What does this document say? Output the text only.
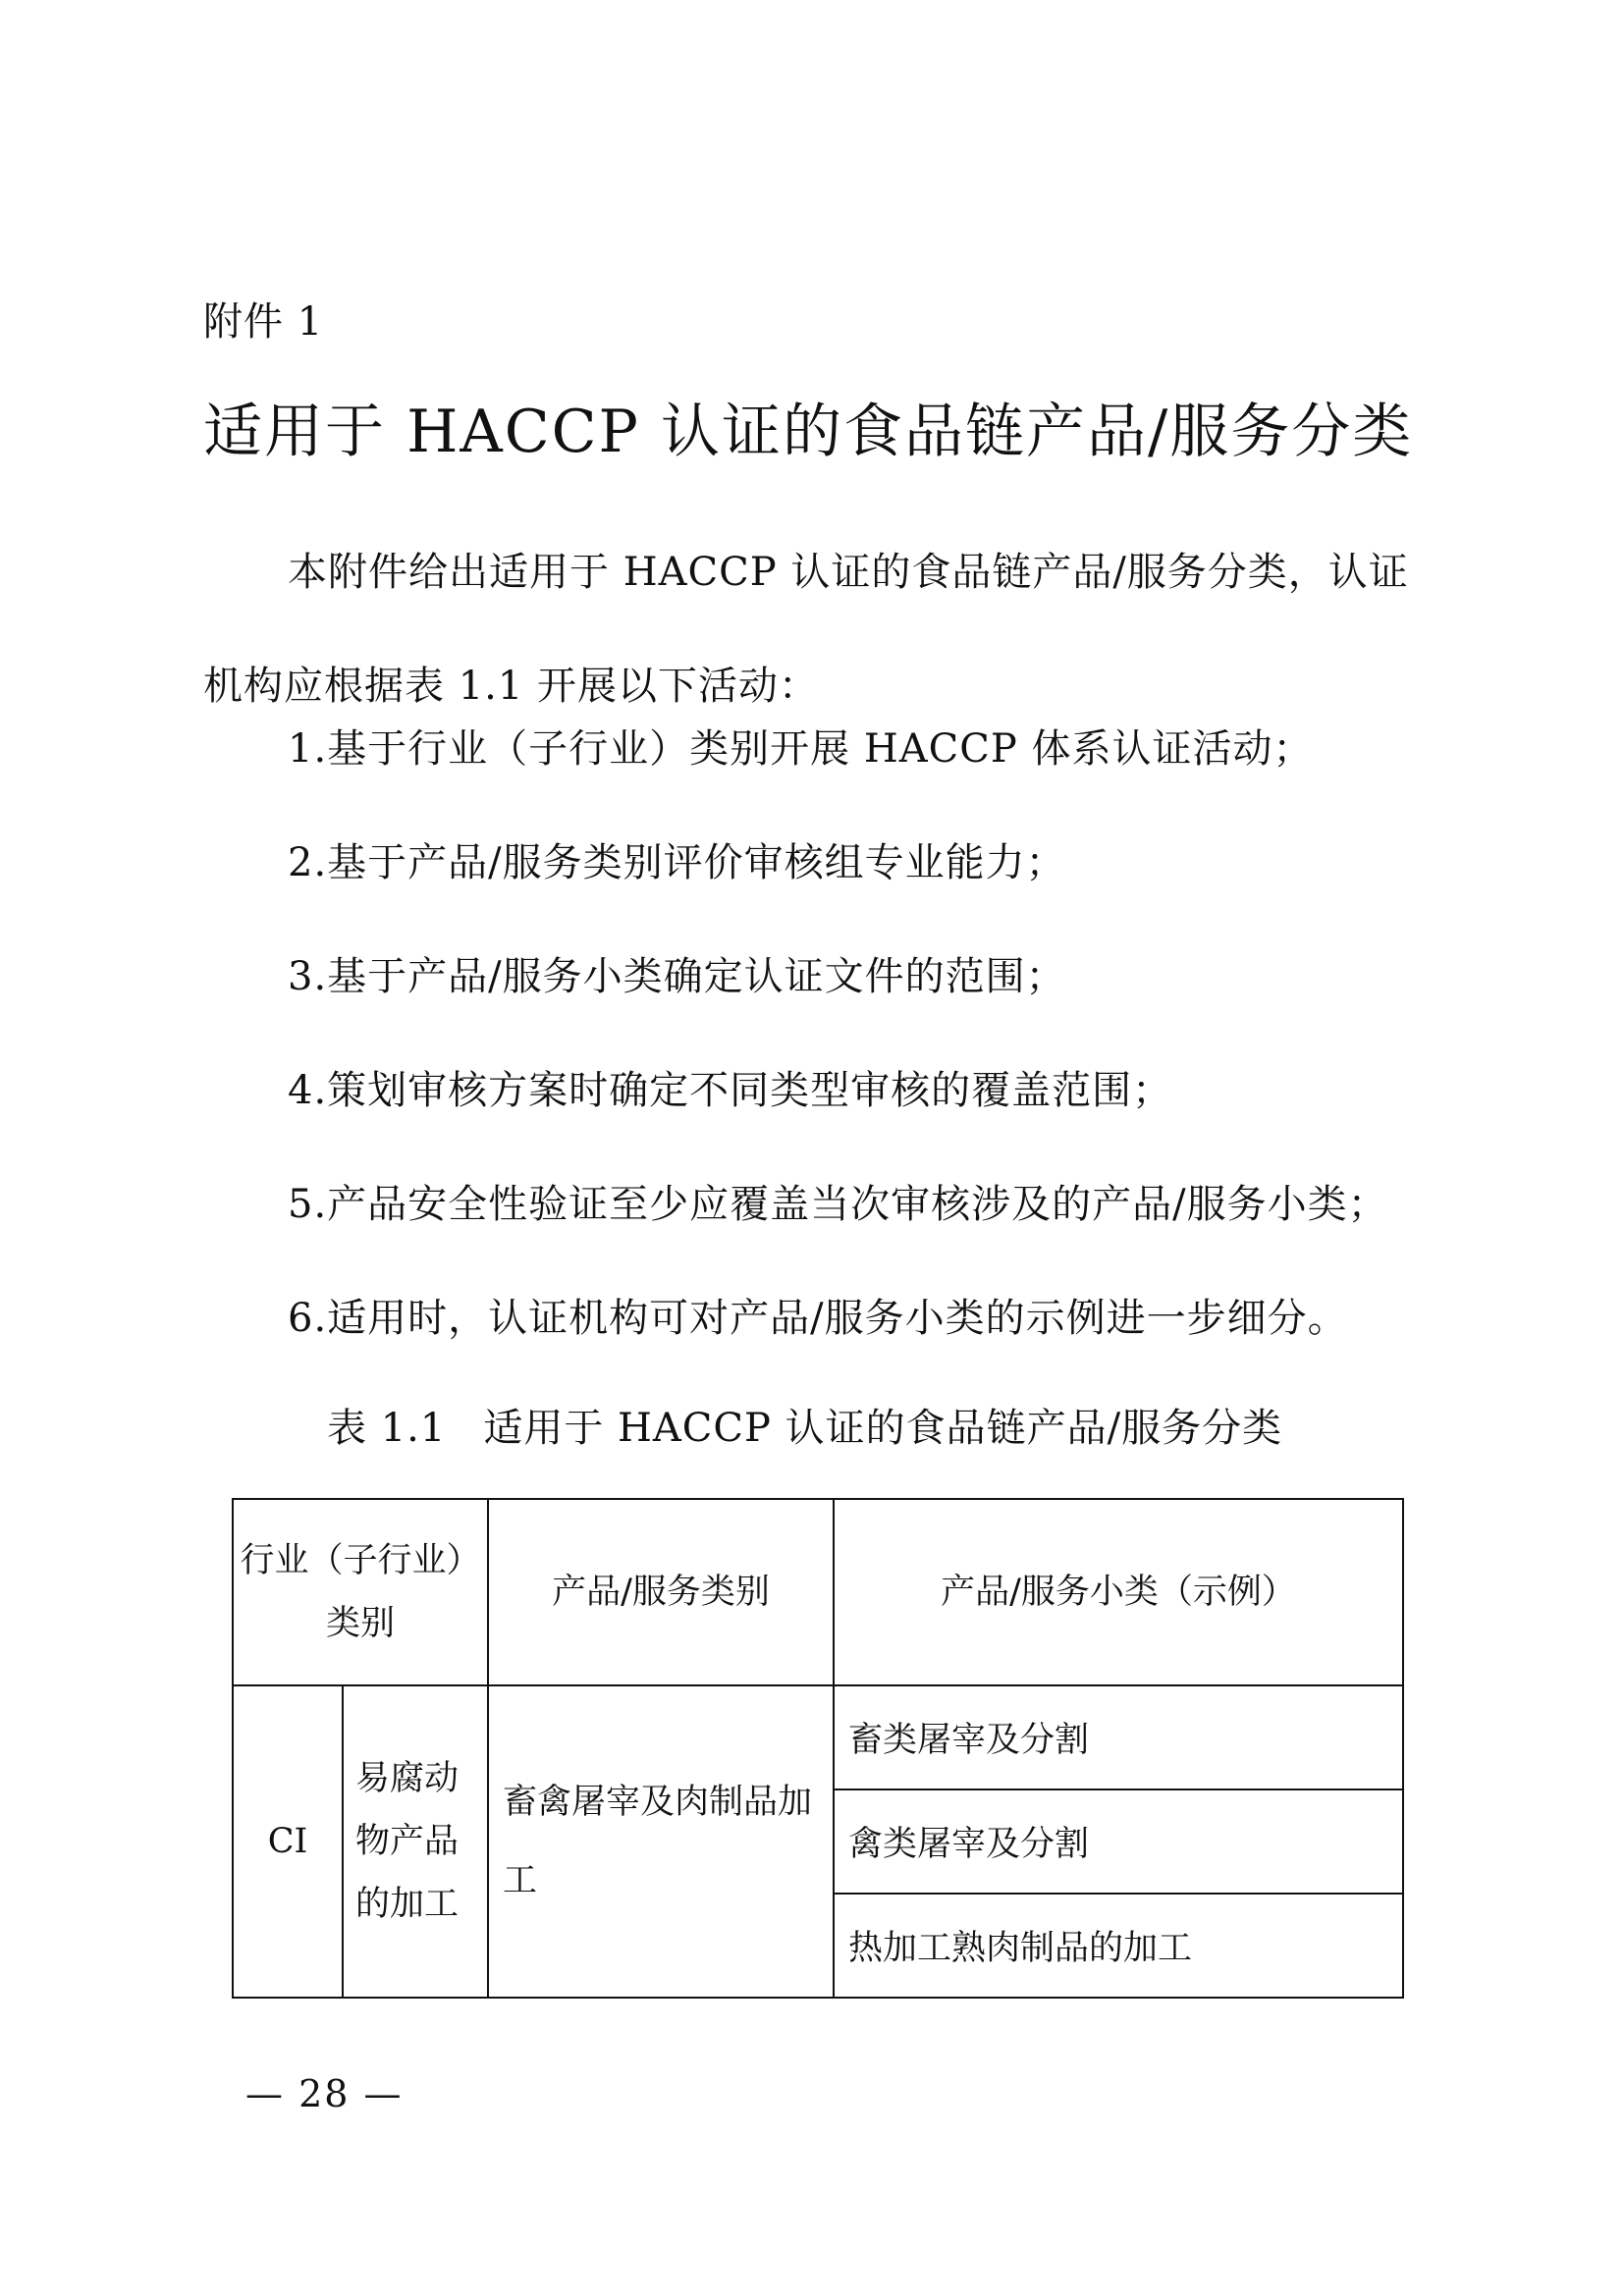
附件 1
适用于 HACCP 认证的食品链产品/服务分类

本附件给出适用于 HACCP 认证的食品链产品/服务分类，认证机构应根据表 1.1 开展以下活动：

1.基于行业（子行业）类别开展 HACCP 体系认证活动；
2.基于产品/服务类别评价审核组专业能力；
3.基于产品/服务小类确定认证文件的范围；
4.策划审核方案时确定不同类型审核的覆盖范围；
5.产品安全性验证至少应覆盖当次审核涉及的产品/服务小类；
6.适用时，认证机构可对产品/服务小类的示例进一步细分。
表 1.1 适用于 HACCP 认证的食品链产品/服务分类
行业（子行业）类别		产品/服务类别	产品/服务小类（示例）
CI	易腐动物产品的加工	畜禽屠宰及肉制品加工	畜类屠宰及分割
			禽类屠宰及分割
			热加工熟肉制品的加工
— 28 —
